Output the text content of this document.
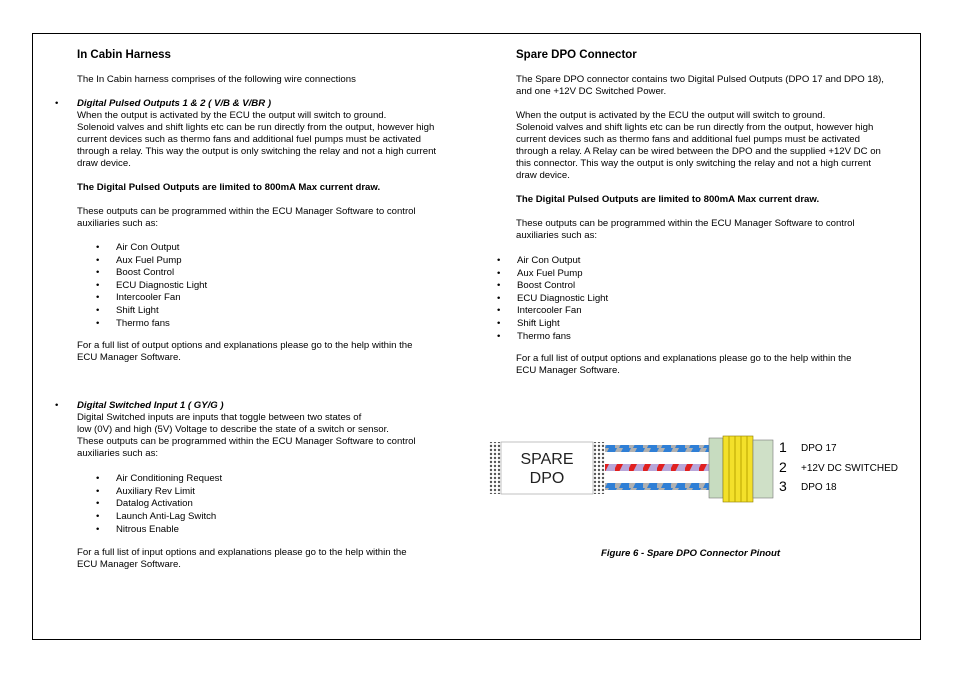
In Cabin Harness

The In Cabin harness comprises of the following wire connections

• Digital Pulsed Outputs 1 & 2 ( V/B & V/BR )

When the output is activated by the ECU the output will switch to ground.

Solenoid valves and shift lights etc can be run directly from the output, however high

current devices such as thermo fans and additional fuel pumps must be activated

through a relay. This way the output is only switching the relay and not a high current

draw device.

The Digital Pulsed Outputs are limited to 800mA Max current draw.

These outputs can be programmed within the ECU Manager Software to control

auxiliaries such as:

• Air Con Output
• Aux Fuel Pump
• Boost Control
• ECU Diagnostic Light
• Intercooler Fan
• Shift Light
• Thermo fans

For a full list of output options and explanations please go to the help within the

ECU Manager Software.

• Digital Switched Input 1 ( GY/G )

Digital Switched inputs are inputs that toggle between two states of

low (0V) and high (5V) Voltage to describe the state of a switch or sensor.

These outputs can be programmed within the ECU Manager Software to control

auxiliaries such as:

• Air Conditioning Request
• Auxiliary Rev Limit
• Datalog Activation
• Launch Anti-Lag Switch
• Nitrous Enable

For a full list of input options and explanations please go to the help within the

ECU Manager Software.

Spare DPO Connector

The Spare DPO connector contains two Digital Pulsed Outputs (DPO 17 and DPO 18),

and one +12V DC Switched Power.

When the output is activated by the ECU the output will switch to ground.

Solenoid valves and shift lights etc can be run directly from the output, however high

current devices such as thermo fans and additional fuel pumps must be activated

through a relay. A Relay can be wired between the DPO and the supplied +12V DC on

this connector. This way the output is only switching the relay and not a high current

draw device.

The Digital Pulsed Outputs are limited to 800mA Max current draw.

These outputs can be programmed within the ECU Manager Software to control

auxiliaries such as:

• Air Con Output
• Aux Fuel Pump
• Boost Control
• ECU Diagnostic Light
• Intercooler Fan
• Shift Light
• Thermo fans

For a full list of output options and explanations please go to the help within the

ECU Manager Software.

SPARE
DPO
1 DPO 17
2 +12V DC SWITCHED
3 DPO 18
Figure 6 - Spare DPO Connector Pinout
